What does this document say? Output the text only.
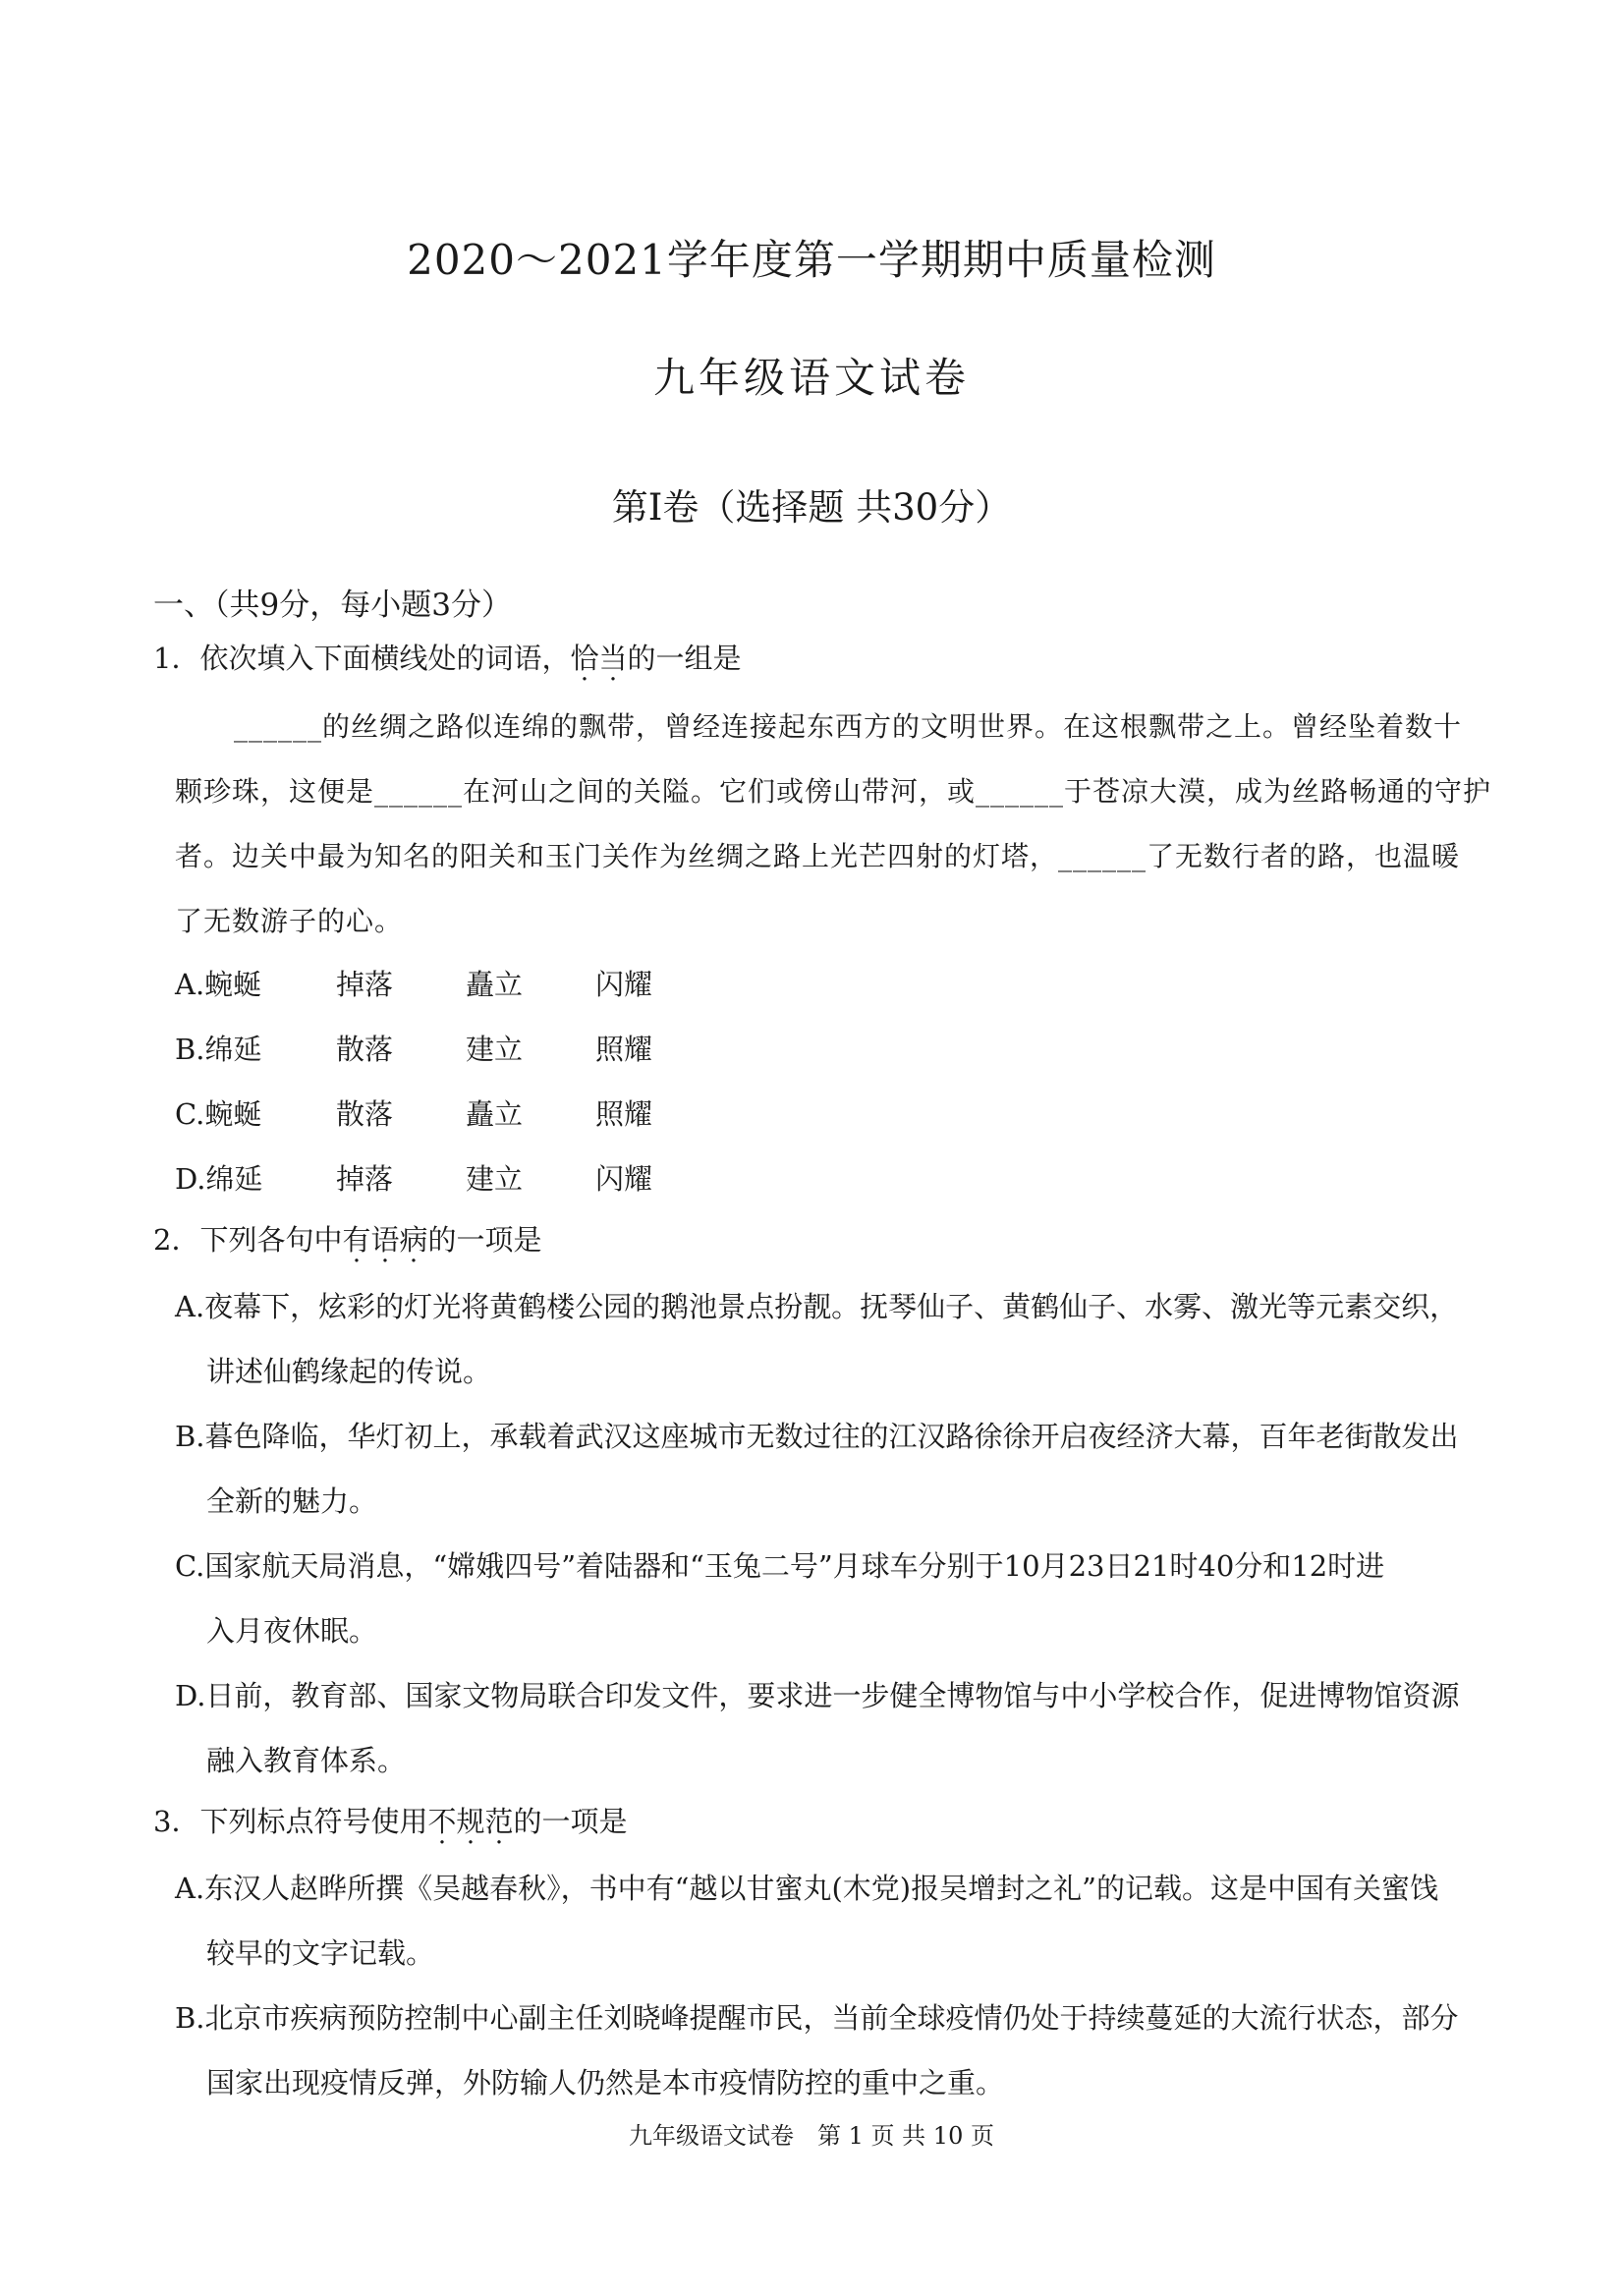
2020～2021学年度第一学期期中质量检测
九年级语文试卷
第Ⅰ卷（选择题 共30分）
一、（共9分，每小题3分）
1．依次填入下面横线处的词语，恰当的一组是
______的丝绸之路似连绵的飘带，曾经连接起东西方的文明世界。在这根飘带之上。曾经坠着数十
颗珍珠，这便是______在河山之间的关隘。它们或傍山带河，或______于苍凉大漠，成为丝路畅通的守护
者。边关中最为知名的阳关和玉门关作为丝绸之路上光芒四射的灯塔，______了无数行者的路，也温暖
了无数游子的心。
A.蜿蜒	掉落	矗立	闪耀
B.绵延	散落	建立	照耀
C.蜿蜒	散落	矗立	照耀
D.绵延	掉落	建立	闪耀
2．下列各句中有语病的一项是
A.夜幕下，炫彩的灯光将黄鹤楼公园的鹅池景点扮靓。抚琴仙子、黄鹤仙子、水雾、激光等元素交织，
讲述仙鹤缘起的传说。
B.暮色降临，华灯初上，承载着武汉这座城市无数过往的江汉路徐徐开启夜经济大幕，百年老街散发出
全新的魅力。
C.国家航天局消息，“嫦娥四号”着陆器和“玉兔二号”月球车分别于10月23日21时40分和12时进
入月夜休眠。
D.日前，教育部、国家文物局联合印发文件，要求进一步健全博物馆与中小学校合作，促进博物馆资源
融入教育体系。
3．下列标点符号使用不规范的一项是
A.东汉人赵晔所撰《吴越春秋》，书中有“越以甘蜜丸(木党)报吴增封之礼”的记载。这是中国有关蜜饯
较早的文字记载。
B.北京市疾病预防控制中心副主任刘晓峰提醒市民，当前全球疫情仍处于持续蔓延的大流行状态，部分
国家出现疫情反弹，外防输人仍然是本市疫情防控的重中之重。
九年级语文试卷　第 1 页 共 10 页
